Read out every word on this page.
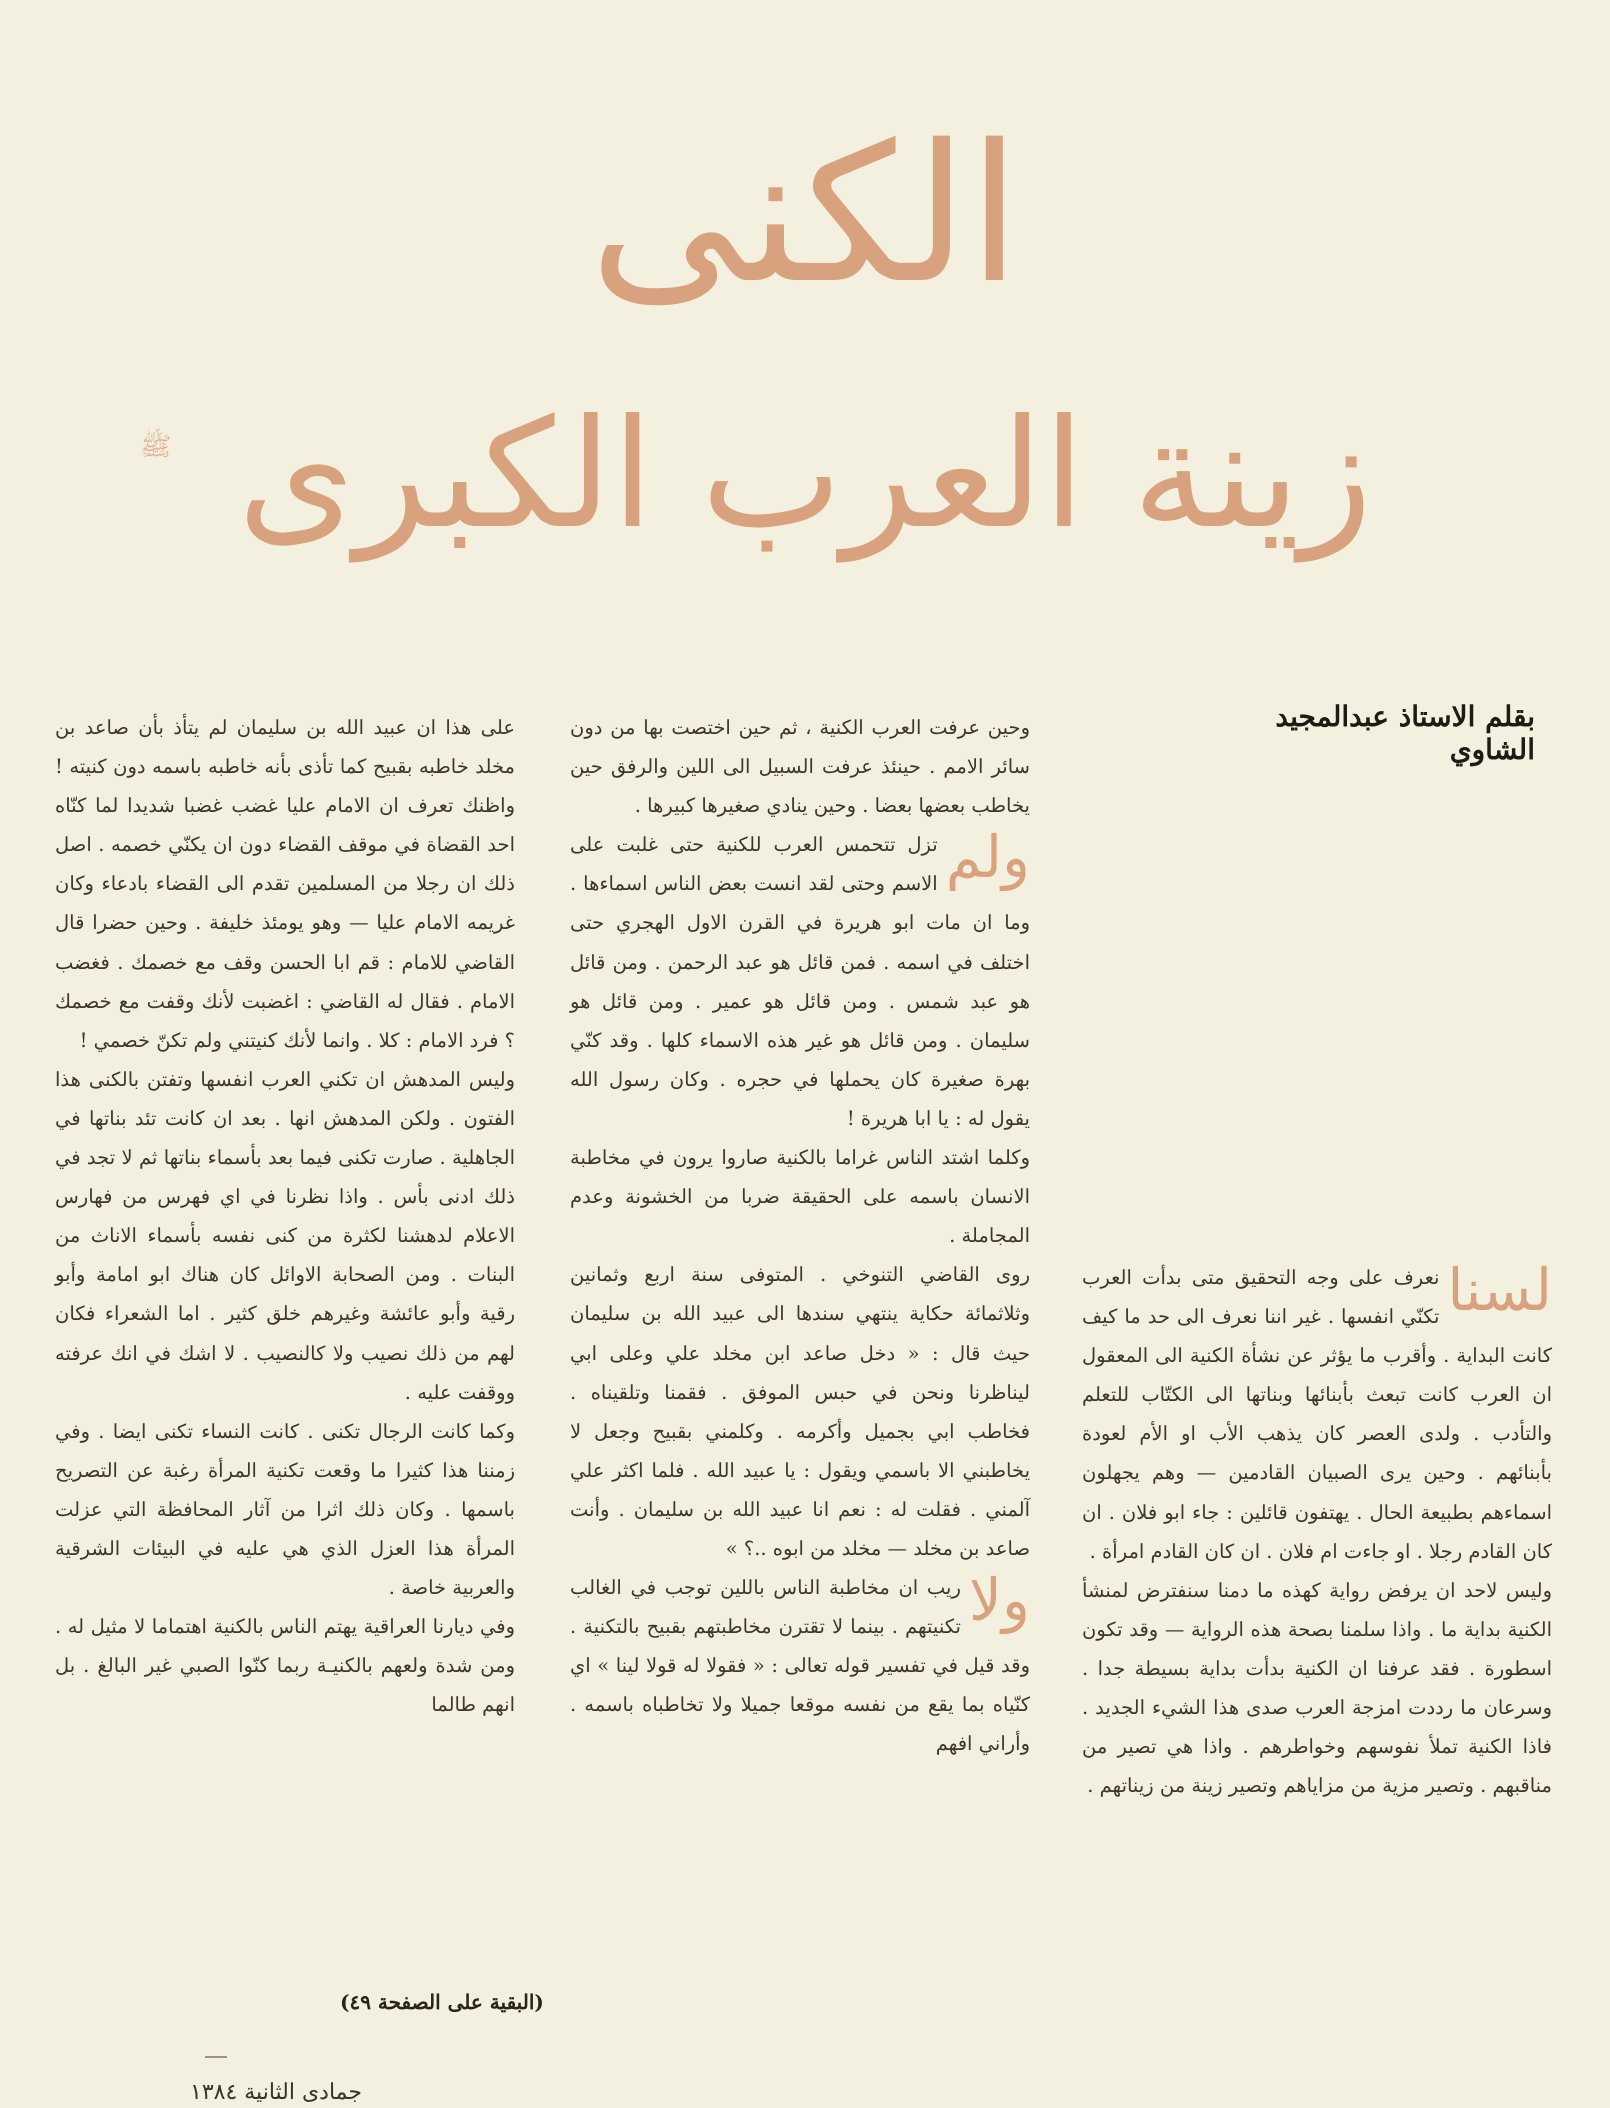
الكنى
ﷺ زينة العرب الكبرى
بقلم الاستاذ عبدالمجيد الشاوي

لسنا
نعرف على وجه التحقيق متى بدأت العرب تكنّي انفسها . غير اننا نعرف الى حد ما كيف كانت البداية . وأقرب ما يؤثر عن نشأة الكنية الى المعقول ان العرب كانت تبعث بأبنائها وبناتها الى الكتّاب للتعلم والتأدب . ولدى العصر كان يذهب الأب او الأم لعودة بأبنائهم . وحين يرى الصبيان القادمين — وهم يجهلون اسماءهم بطبيعة الحال . يهتفون قائلين : جاء ابو فلان . ان كان القادم رجلا . او جاءت ام فلان . ان كان القادم امرأة .

وليس لاحد ان يرفض رواية كهذه ما دمنا سنفترض لمنشأ الكنية بداية ما . واذا سلمنا بصحة هذه الرواية — وقد تكون اسطورة . فقد عرفنا ان الكنية بدأت بداية بسيطة جدا . وسرعان ما رددت امزجة العرب صدى هذا الشيء الجديد . فاذا الكنية تملأ نفوسهم وخواطرهم . واذا هي تصير من مناقبهم . وتصير مزية من مزاياهم وتصير زينة من زيناتهم .

وحين عرفت العرب الكنية ، ثم حين اختصت بها من دون سائر الامم . حينئذ عرفت السبيل الى اللين والرفق حين يخاطب بعضها بعضا . وحين ينادي صغيرها كبيرها .

ولم
تزل تتحمس العرب للكنية حتى غلبت على الاسم وحتى لقد انست بعض الناس اسماءها . وما ان مات ابو هريرة في القرن الاول الهجري حتى اختلف في اسمه . فمن قائل هو عبد الرحمن . ومن قائل هو عبد شمس . ومن قائل هو عمير . ومن قائل هو سليمان . ومن قائل هو غير هذه الاسماء كلها . وقد كنّي بهرة صغيرة كان يحملها في حجره . وكان رسول الله يقول له : يا ابا هريرة !

وكلما اشتد الناس غراما بالكنية صاروا يرون في مخاطبة الانسان باسمه على الحقيقة ضربا من الخشونة وعدم المجاملة .

روى القاضي التنوخي . المتوفى سنة اربع وثمانين وثلاثمائة حكاية ينتهي سندها الى عبيد الله بن سليمان حيث قال : « دخل صاعد ابن مخلد علي وعلى ابي ليناظرنا ونحن في حبس الموفق . فقمنا وتلقيناه . فخاطب ابي بجميل وأكرمه . وكلمني بقبيح وجعل لا يخاطبني الا باسمي ويقول : يا عبيد الله . فلما اكثر علي آلمني . فقلت له : نعم انا عبيد الله بن سليمان . وأنت صاعد بن مخلد — مخلد من ابوه ..؟ »

ولا
ريب ان مخاطبة الناس باللين توجب في الغالب تكنيتهم . بينما لا تقترن مخاطبتهم بقبيح بالتكنية . وقد قيل في تفسير قوله تعالى : « فقولا له قولا لينا » اي كنّياه بما يقع من نفسه موقعا جميلا ولا تخاطباه باسمه . وأراني افهم

على هذا ان عبيد الله بن سليمان لم يتأذ بأن صاعد بن مخلد خاطبه بقبيح كما تأذى بأنه خاطبه باسمه دون كنيته ! واظنك تعرف ان الامام عليا غضب غضبا شديدا لما كنّاه احد القضاة في موقف القضاء دون ان يكنّي خصمه . اصل ذلك ان رجلا من المسلمين تقدم الى القضاء بادعاء وكان غريمه الامام عليا — وهو يومئذ خليفة . وحين حضرا قال القاضي للامام : قم ابا الحسن وقف مع خصمك . فغضب الامام . فقال له القاضي : اغضبت لأنك وقفت مع خصمك ؟ فرد الامام : كلا . وانما لأنك كنيتني ولم تكنّ خصمي !

وليس المدهش ان تكني العرب انفسها وتفتن بالكنى هذا الفتون . ولكن المدهش انها . بعد ان كانت تئد بناتها في الجاهلية . صارت تكنى فيما بعد بأسماء بناتها ثم لا تجد في ذلك ادنى بأس . واذا نظرنا في اي فهرس من فهارس الاعلام لدهشنا لكثرة من كنى نفسه بأسماء الاناث من البنات . ومن الصحابة الاوائل كان هناك ابو امامة وأبو رقية وأبو عائشة وغيرهم خلق كثير . اما الشعراء فكان لهم من ذلك نصيب ولا كالنصيب . لا اشك في انك عرفته ووقفت عليه .

وكما كانت الرجال تكنى . كانت النساء تكنى ايضا . وفي زمننا هذا كثيرا ما وقعت تكنية المرأة رغبة عن التصريح باسمها . وكان ذلك اثرا من آثار المحافظة التي عزلت المرأة هذا العزل الذي هي عليه في البيئات الشرقية والعربية خاصة .

وفي ديارنا العراقية يهتم الناس بالكنية اهتماما لا مثيل له . ومن شدة ولعهم بالكنيـة ربما كنّوا الصبي غير البالغ . بل انهم طالما

(البقية على الصفحة ٤٩)
جمادى الثانية ١٣٨٤
